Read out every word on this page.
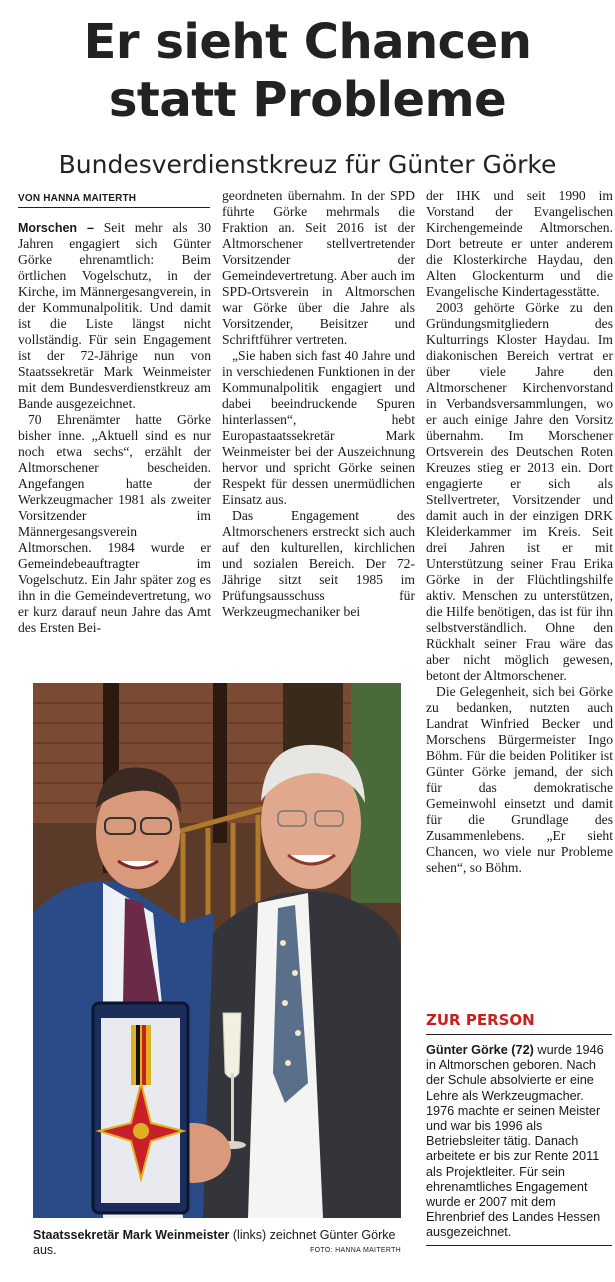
Er sieht Chancen
statt Probleme
Bundesverdienstkreuz für Günter Görke
VON HANNA MAITERTH

Morschen – Seit mehr als 30 Jahren engagiert sich Günter Görke ehrenamtlich: Beim örtlichen Vogelschutz, in der Kirche, im Männergesangverein, in der Kommunalpolitik. Und damit ist die Liste längst nicht vollständig. Für sein Engagement ist der 72-Jährige nun von Staatssekretär Mark Weinmeister mit dem Bundesverdienstkreuz am Bande ausgezeichnet.

70 Ehrenämter hatte Görke bisher inne. „Aktuell sind es nur noch etwa sechs“, erzählt der Altmorschener bescheiden. Angefangen hatte der Werkzeugmacher 1981 als zweiter Vorsitzender im Männergesangsverein Altmorschen. 1984 wurde er Gemeindebeauftragter im Vogelschutz. Ein Jahr später zog es ihn in die Gemeindevertretung, wo er kurz darauf neun Jahre das Amt des Ersten Bei-

geordneten übernahm. In der SPD führte Görke mehrmals die Fraktion an. Seit 2016 ist der Altmorschener stellvertretender Vorsitzender der Gemeindevertretung. Aber auch im SPD-Ortsverein in Altmorschen war Görke über die Jahre als Vorsitzender, Beisitzer und Schriftführer vertreten.

„Sie haben sich fast 40 Jahre und in verschiedenen Funktionen in der Kommunalpolitik engagiert und dabei beeindruckende Spuren hinterlassen“, hebt Europastaatssekretär Mark Weinmeister bei der Auszeichnung hervor und spricht Görke seinen Respekt für dessen unermüdlichen Einsatz aus.

Das Engagement des Altmorscheners erstreckt sich auch auf den kulturellen, kirchlichen und sozialen Bereich. Der 72-Jährige sitzt seit 1985 im Prüfungsausschuss für Werkzeugmechaniker bei

der IHK und seit 1990 im Vorstand der Evangelischen Kirchengemeinde Altmorschen. Dort betreute er unter anderem die Klosterkirche Haydau, den Alten Glockenturm und die Evangelische Kindertagesstätte.

2003 gehörte Görke zu den Gründungsmitgliedern des Kulturrings Kloster Haydau. Im diakonischen Bereich vertrat er über viele Jahre den Altmorschener Kirchenvorstand in Verbandsversammlungen, wo er auch einige Jahre den Vorsitz übernahm. Im Morschener Ortsverein des Deutschen Roten Kreuzes stieg er 2013 ein. Dort engagierte er sich als Stellvertreter, Vorsitzender und damit auch in der einzigen DRK Kleiderkammer im Kreis. Seit drei Jahren ist er mit Unterstützung seiner Frau Erika Görke in der Flüchtlingshilfe aktiv. Menschen zu unterstützen, die Hilfe benötigen, das ist für ihn selbstverständlich. Ohne den Rückhalt seiner Frau wäre das aber nicht möglich gewesen, betont der Altmorschener.

Die Gelegenheit, sich bei Görke zu bedanken, nutzten auch Landrat Winfried Becker und Morschens Bürgermeister Ingo Böhm. Für die beiden Politiker ist Günter Görke jemand, der sich für das demokratische Gemeinwohl einsetzt und damit für die Grundlage des Zusammenlebens. „Er sieht Chancen, wo viele nur Probleme sehen“, so Böhm.

Staatssekretär Mark Weinmeister (links) zeichnet Günter Görke aus.	FOTO: HANNA MAITERTH
ZUR PERSON
Günter Görke (72) wurde 1946 in Altmorschen geboren. Nach der Schule absolvierte er eine Lehre als Werkzeugmacher. 1976 machte er seinen Meister und war bis 1996 als Betriebsleiter tätig. Danach arbeitete er bis zur Rente 2011 als Projektleiter. Für sein ehrenamtliches Engagement wurde er 2007 mit dem Ehrenbrief des Landes Hessen ausgezeichnet.
